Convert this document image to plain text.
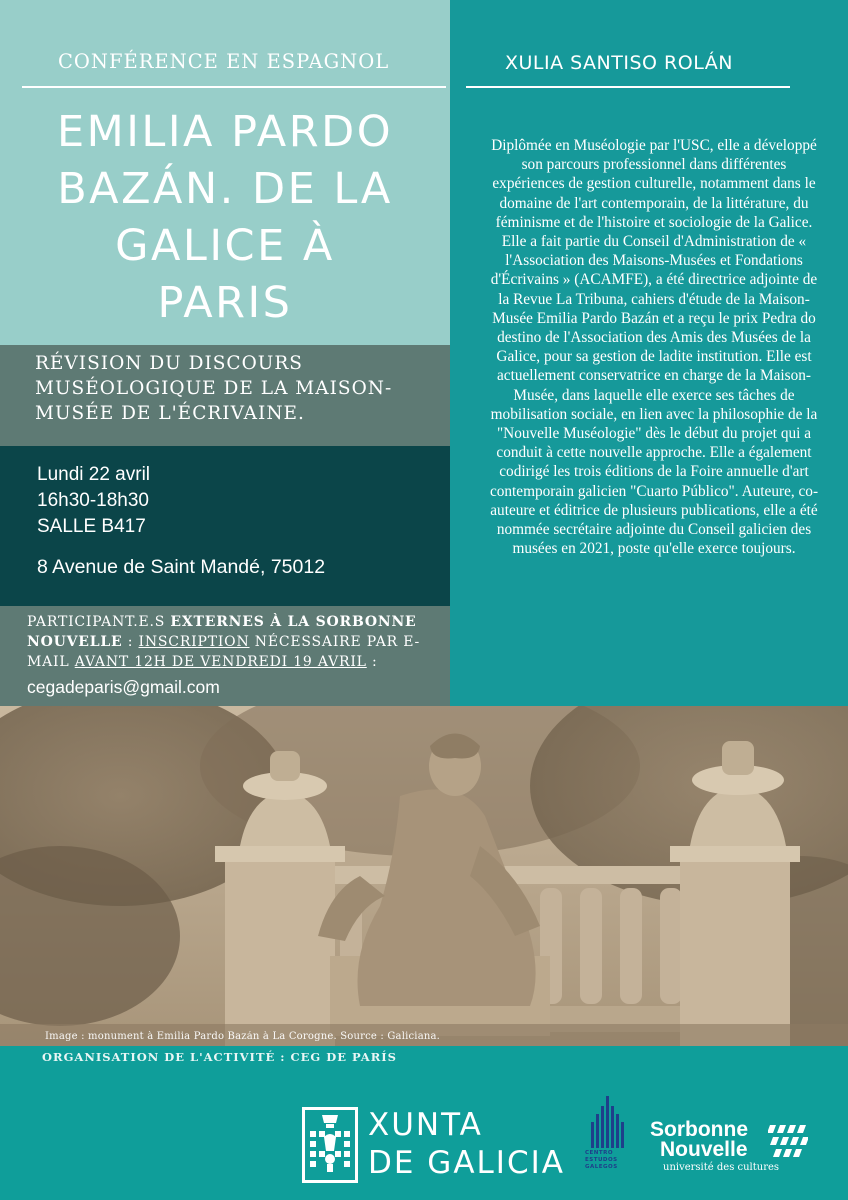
CONFÉRENCE EN ESPAGNOL	XULIA SANTISO ROLÁN
EMILIA PARDO
BAZÁN. DE LA
GALICE À
PARIS
RÉVISION DU DISCOURS
MUSÉOLOGIQUE DE LA MAISON-
MUSÉE DE L'ÉCRIVAINE.
Lundi 22 avril
16h30-18h30
SALLE B417
8 Avenue de Saint Mandé, 75012
PARTICIPANT.E.S EXTERNES À LA SORBONNE NOUVELLE : INSCRIPTION NÉCESSAIRE PAR E-MAIL AVANT 12H DE VENDREDI 19 AVRIL :
cegadeparis@gmail.com
Diplômée en Muséologie par l'USC, elle a développé son parcours professionnel dans différentes expériences de gestion culturelle, notamment dans le domaine de l'art contemporain, de la littérature, du féminisme et de l'histoire et sociologie de la Galice. Elle a fait partie du Conseil d'Administration de « l'Association des Maisons-Musées et Fondations d'Écrivains » (ACAMFE), a été directrice adjointe de la Revue La Tribuna, cahiers d'étude de la Maison-Musée Emilia Pardo Bazán et a reçu le prix Pedra do destino de l'Association des Amis des Musées de la Galice, pour sa gestion de ladite institution. Elle est actuellement conservatrice en charge de la Maison-Musée, dans laquelle elle exerce ses tâches de mobilisation sociale, en lien avec la philosophie de la "Nouvelle Muséologie" dès le début du projet qui a conduit à cette nouvelle approche. Elle a également codirigé les trois éditions de la Foire annuelle d'art contemporain galicien "Cuarto Público". Auteure, co-auteure et éditrice de plusieurs publications, elle a été nommée secrétaire adjointe du Conseil galicien des musées en 2021, poste qu'elle exerce toujours.
Image : monument à Emilia Pardo Bazán à La Corogne. Source : Galiciana.
ORGANISATION DE L'ACTIVITÉ : CEG DE PARÍS
XUNTA
DE GALICIA	CENTRO ESTUDOS GALEGOS
Sorbonne
Nouvelle
université des cultures
